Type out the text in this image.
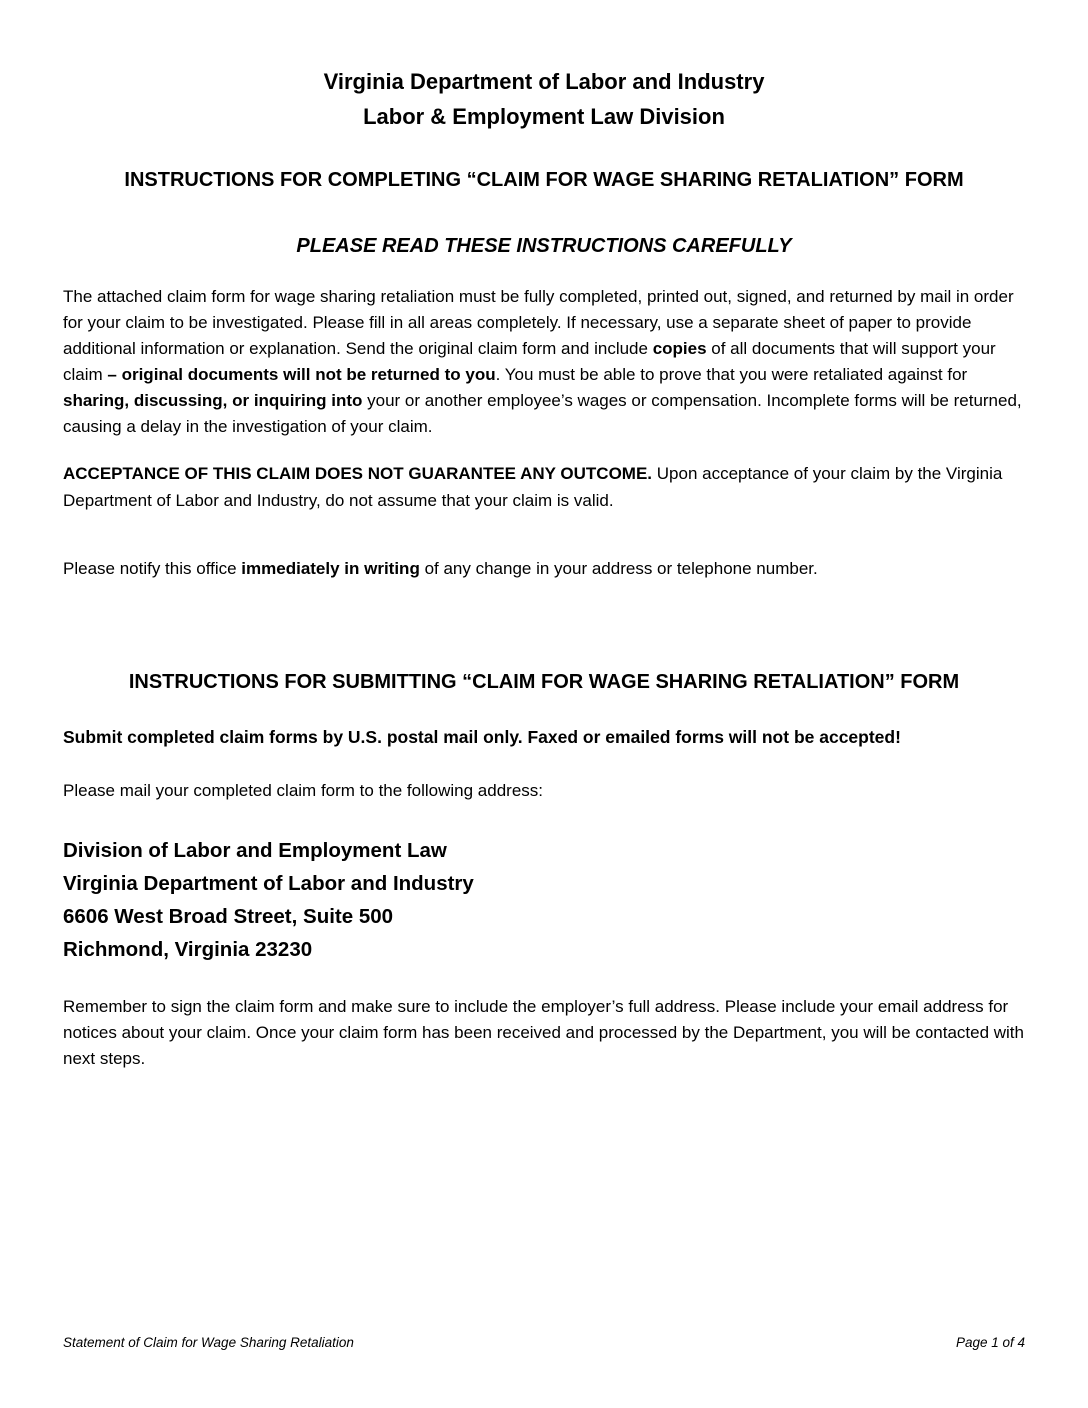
Virginia Department of Labor and Industry
Labor & Employment Law Division
INSTRUCTIONS FOR COMPLETING “CLAIM FOR WAGE SHARING RETALIATION” FORM
PLEASE READ THESE INSTRUCTIONS CAREFULLY

The attached claim form for wage sharing retaliation must be fully completed, printed out, signed, and returned by mail in order for your claim to be investigated. Please fill in all areas completely. If necessary, use a separate sheet of paper to provide additional information or explanation. Send the original claim form and include copies of all documents that will support your claim – original documents will not be returned to you. You must be able to prove that you were retaliated against for sharing, discussing, or inquiring into your or another employee’s wages or compensation. Incomplete forms will be returned, causing a delay in the investigation of your claim.

ACCEPTANCE OF THIS CLAIM DOES NOT GUARANTEE ANY OUTCOME. Upon acceptance of your claim by the Virginia Department of Labor and Industry, do not assume that your claim is valid.

Please notify this office immediately in writing of any change in your address or telephone number.

INSTRUCTIONS FOR SUBMITTING “CLAIM FOR WAGE SHARING RETALIATION” FORM

Submit completed claim forms by U.S. postal mail only. Faxed or emailed forms will not be accepted!

Please mail your completed claim form to the following address:

Division of Labor and Employment Law
Virginia Department of Labor and Industry
6606 West Broad Street, Suite 500
Richmond, Virginia 23230

Remember to sign the claim form and make sure to include the employer’s full address. Please include your email address for notices about your claim. Once your claim form has been received and processed by the Department, you will be contacted with next steps.

Statement of Claim for Wage Sharing Retaliation	Page 1 of 4
